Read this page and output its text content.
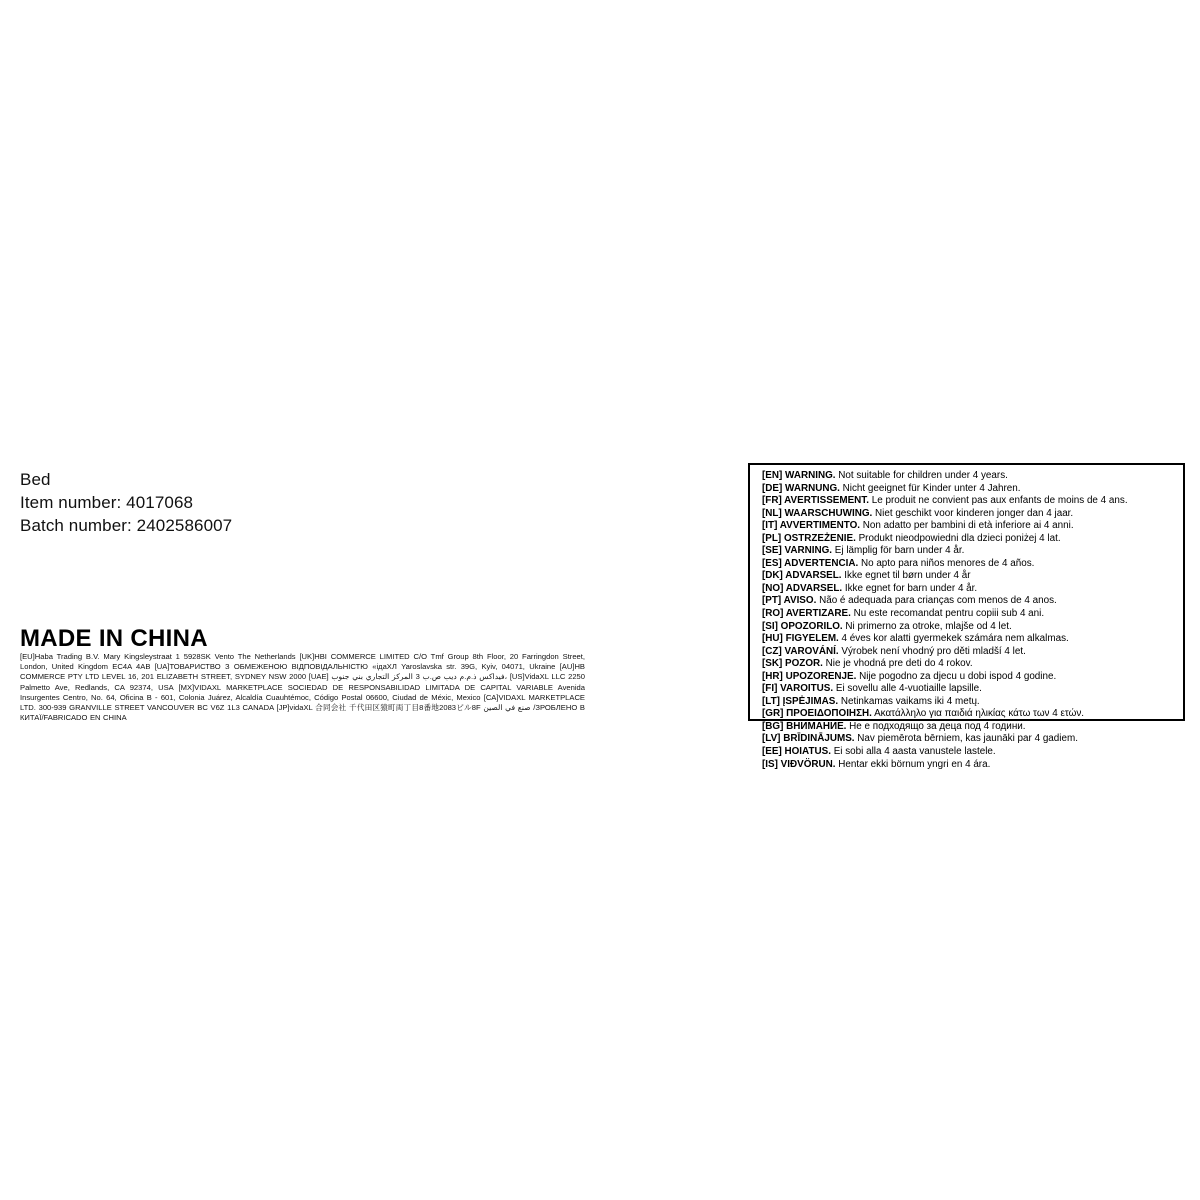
Bed
Item number: 4017068
Batch number: 2402586007
MADE IN CHINA

[EU]Haba Trading B.V. Mary Kingsleystraat 1 5928SK Vento The Netherlands [UK]HBI COMMERCE LIMITED C/O Tmf Group 8th Floor, 20 Farringdon Street, London, United Kingdom EC4A 4AB [UA]ТОВАРИСТВО З ОБМЕЖЕНОЮ ВІДПОВІДАЛЬНІСТЮ «ідаХЛ Yaroslavska str. 39G, Kyiv, 04071, Ukraine [AU]HB COMMERCE PTY LTD LEVEL 16, 201 ELIZABETH STREET, SYDNEY NSW 2000 [UAE] فيداكس ذ.م.م ديب ص.ب 3 المركز التجاري بني جنوب، [US]VidaXL LLC 2250 Palmetto Ave, Redlands, CA 92374, USA [MX]VIDAXL MARKETPLACE SOCIEDAD DE RESPONSABILIDAD LIMITADA DE CAPITAL VARIABLE Avenida Insurgentes Centro, No. 64, Oficina B - 601, Colonia Juárez, Alcaldía Cuauhtémoc, Código Postal 06600, Ciudad de Méxic, Mexico [CA]VIDAXL MARKETPLACE LTD. 300-939 GRANVILLE STREET VANCOUVER BC V6Z 1L3 CANADA [JP]vidaXL 合同会社 千代田区猿町両丁目8番地2083ビル8F صنع في الصين /ЗРОБЛЕНО В КИТАЇ/FABRICADO EN CHINA

[EN] WARNING. Not suitable for children under 4 years.
[DE] WARNUNG. Nicht geeignet für Kinder unter 4 Jahren.
[FR] AVERTISSEMENT. Le produit ne convient pas aux enfants de moins de 4 ans.
[NL] WAARSCHUWING. Niet geschikt voor kinderen jonger dan 4 jaar.
[IT] AVVERTIMENTO. Non adatto per bambini di età inferiore ai 4 anni.
[PL] OSTRZEŻENIE. Produkt nieodpowiedni dla dzieci poniżej 4 lat.
[SE] VARNING. Ej lämplig för barn under 4 år.
[ES] ADVERTENCIA. No apto para niños menores de 4 años.
[DK] ADVARSEL. Ikke egnet til børn under 4 år
[NO] ADVARSEL. Ikke egnet for barn under 4 år.
[PT] AVISO. Não é adequada para crianças com menos de 4 anos.
[RO] AVERTIZARE. Nu este recomandat pentru copiii sub 4 ani.
[SI] OPOZORILO. Ni primerno za otroke, mlajše od 4 let.
[HU] FIGYELEM. 4 éves kor alatti gyermekek számára nem alkalmas.
[CZ] VAROVÁNÍ. Výrobek není vhodný pro děti mladší 4 let.
[SK] POZOR. Nie je vhodná pre deti do 4 rokov.
[HR] UPOZORENJE. Nije pogodno za djecu u dobi ispod 4 godine.
[FI] VAROITUS. Ei sovellu alle 4-vuotiaille lapsille.
[LT] ĮSPĖJIMAS. Netinkamas vaikams iki 4 metų.
[GR] ΠΡΟΕΙΔΟΠΟΙΗΣΗ. Ακατάλληλο για παιδιά ηλικίας κάτω των 4 ετών.
[BG] ВНИМАНИЕ. Не е подходящо за деца под 4 години.
[LV] BRĪDINĀJUMS. Nav piemērota bērniem, kas jaunāki par 4 gadiem.
[EE] HOIATUS. Ei sobi alla 4 aasta vanustele lastele.
[IS] VIÐVÖRUN. Hentar ekki börnum yngri en 4 ára.
